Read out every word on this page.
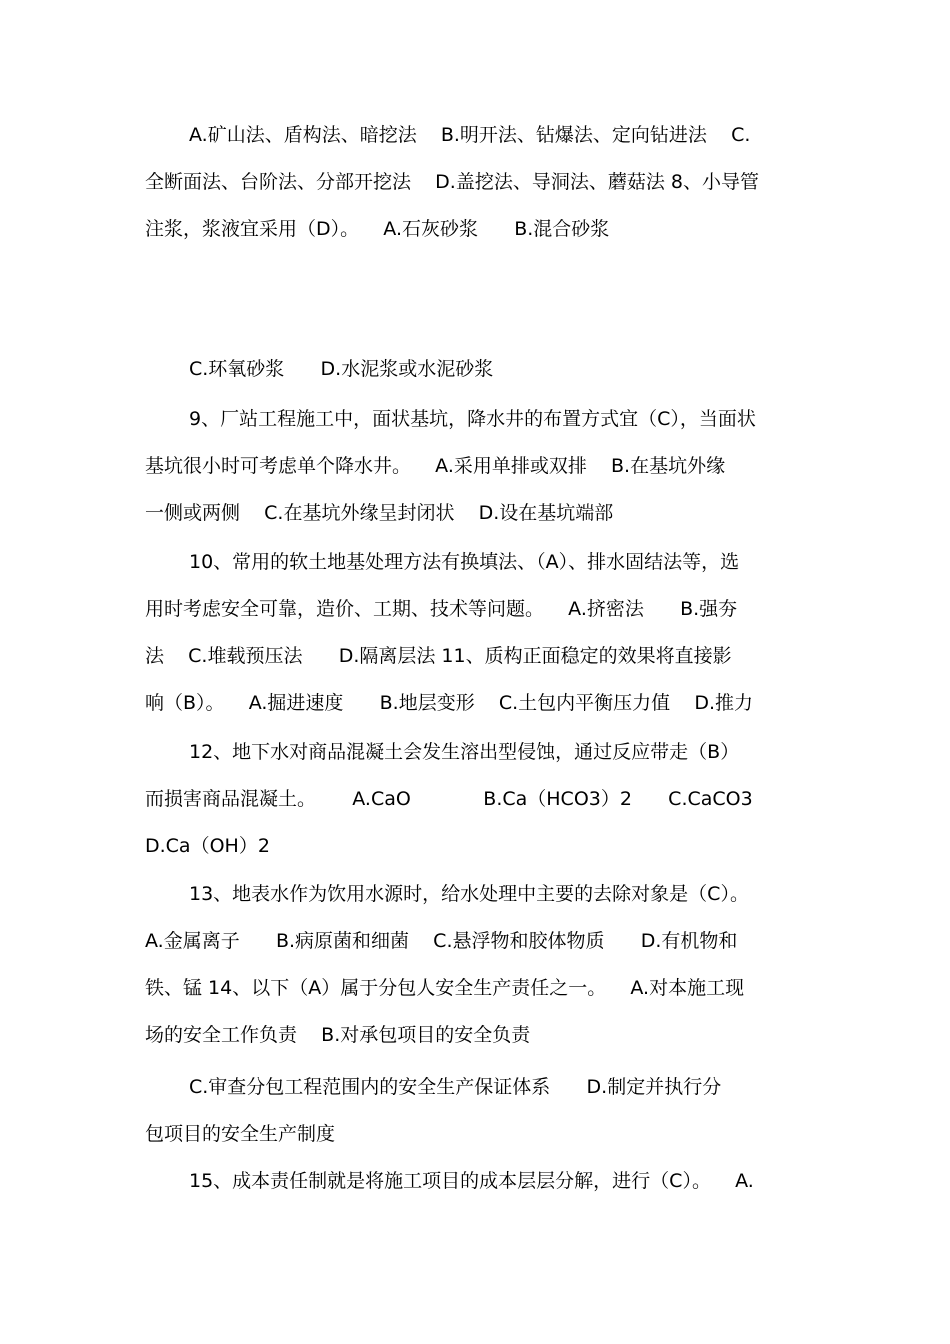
A.矿山法、盾构法、暗挖法    B.明开法、钻爆法、定向钻进法    C.
全断面法、台阶法、分部开挖法    D.盖挖法、导洞法、蘑菇法 8、小导管
注浆，浆液宜采用（D）。    A.石灰砂浆      B.混合砂浆
C.环氧砂浆      D.水泥浆或水泥砂浆
9、厂站工程施工中，面状基坑，降水井的布置方式宜（C），当面状
基坑很小时可考虑单个降水井。    A.采用单排或双排    B.在基坑外缘
一侧或两侧    C.在基坑外缘呈封闭状    D.设在基坑端部
10、常用的软土地基处理方法有换填法、（A）、排水固结法等，选
用时考虑安全可靠，造价、工期、技术等问题。    A.挤密法      B.强夯
法    C.堆载预压法      D.隔离层法 11、质构正面稳定的效果将直接影
响（B）。    A.掘进速度      B.地层变形    C.土包内平衡压力值    D.推力
12、地下水对商品混凝土会发生溶出型侵蚀，通过反应带走（B）
而损害商品混凝土。      A.CaO            B.Ca（HCO3）2      C.CaCO3
D.Ca（OH）2
13、地表水作为饮用水源时，给水处理中主要的去除对象是（C）。
A.金属离子      B.病原菌和细菌    C.悬浮物和胶体物质      D.有机物和
铁、锰 14、以下（A）属于分包人安全生产责任之一。    A.对本施工现
场的安全工作负责    B.对承包项目的安全负责
C.审查分包工程范围内的安全生产保证体系      D.制定并执行分
包项目的安全生产制度
15、成本责任制就是将施工项目的成本层层分解，进行（C）。    A.
